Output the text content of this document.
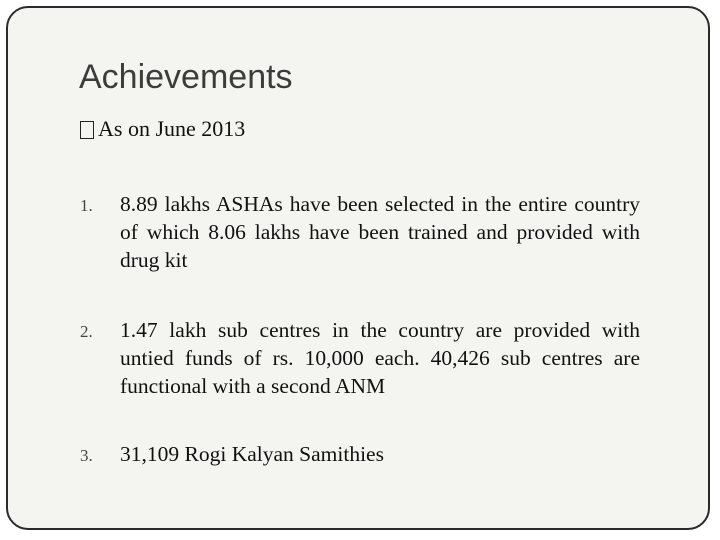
Achievements
As on June 2013
1. 8.89 lakhs ASHAs have been selected in the entire country of which 8.06 lakhs have been trained and provided with drug kit
2. 1.47 lakh sub centres in the country are provided with untied funds of rs. 10,000 each. 40,426 sub centres are functional with a second ANM
3. 31,109 Rogi Kalyan Samithies
